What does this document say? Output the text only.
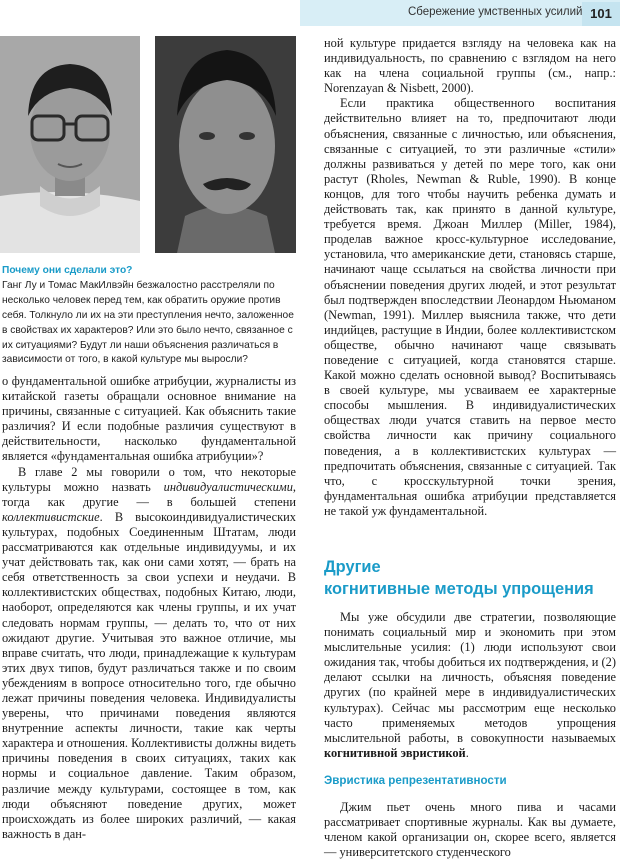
Сбережение умственных усилий 101
Почему они сделали это?
Ганг Лу и Томас МакИлвэйн безжалостно расстреляли по несколько человек перед тем, как обратить оружие против себя. Толкнуло ли их на эти преступления нечто, заложенное в свойствах их характеров? Или это было нечто, связанное с их ситуациями? Будут ли наши объяснения различаться в зависимости от того, в какой культуре мы выросли?

о фундаментальной ошибке атрибуции, журналисты из китайской газеты обращали основное внимание на причины, связанные с ситуацией. Как объяснить такие различия? И если подобные различия существуют в действительности, насколько фундаментальной является «фундаментальная ошибка атрибуции»?

В главе 2 мы говорили о том, что некоторые культуры можно назвать индивидуалистическими, тогда как другие — в большей степени коллективистские. В высокоиндивидуалистических культурах, подобных Соединенным Штатам, люди рассматриваются как отдельные индивидуумы, и их учат действовать так, как они сами хотят, — брать на себя ответственность за свои успехи и неудачи. В коллективистских обществах, подобных Китаю, люди, наоборот, определяются как члены группы, и их учат следовать нормам группы, — делать то, что от них ожидают другие. Учитывая это важное отличие, мы вправе считать, что люди, принадлежащие к культурам этих двух типов, будут различаться также и по своим убеждениям в вопросе относительно того, где обычно лежат причины поведения человека. Индивидуалисты уверены, что причинами поведения являются внутренние аспекты личности, такие как черты характера и отношения. Коллективисты должны видеть причины поведения в своих ситуациях, таких как нормы и социальное давление. Таким образом, различие между культурами, состоящее в том, как люди объясняют поведение других, может происхождать из более широких различий, — какая важность в дан-

ной культуре придается взгляду на человека как на индивидуальность, по сравнению с взглядом на него как на члена социальной группы (см., напр.: Norenzayan & Nisbett, 2000).

Если практика общественного воспитания действительно влияет на то, предпочитают люди объяснения, связанные с личностью, или объяснения, связанные с ситуацией, то эти различные «стили» должны развиваться у детей по мере того, как они растут (Rholes, Newman & Ruble, 1990). В конце концов, для того чтобы научить ребенка думать и действовать так, как принято в данной культуре, требуется время. Джоан Миллер (Miller, 1984), проделав важное кросс-культурное исследование, установила, что американские дети, становясь старше, начинают чаще ссылаться на свойства личности при объяснении поведения других людей, и этот результат был подтвержден впоследствии Леонардом Ньюманом (Newman, 1991). Миллер выяснила также, что дети индийцев, растущие в Индии, более коллективистском обществе, обычно начинают чаще связывать поведение с ситуацией, когда становятся старше. Какой можно сделать основной вывод? Воспитываясь в своей культуре, мы усваиваем ее характерные способы мышления. В индивидуалистических обществах люди учатся ставить на первое место свойства личности как причину социального поведения, а в коллективистских культурах — предпочитать объяснения, связанные с ситуацией. Так что, с кросскультурной точки зрения, фундаментальная ошибка атрибуции представляется не такой уж фундаментальной.

Другие
когнитивные методы упрощения

Мы уже обсудили две стратегии, позволяющие понимать социальный мир и экономить при этом мыслительные усилия: (1) люди используют свои ожидания так, чтобы добиться их подтверждения, и (2) делают ссылки на личность, объясняя поведение других (по крайней мере в индивидуалистических культурах). Сейчас мы рассмотрим еще несколько часто применяемых методов упрощения мыслительной работы, в совокупности называемых когнитивной эвристикой.

Эвристика репрезентативности

Джим пьет очень много пива и часами рассматривает спортивные журналы. Как вы думаете, членом какой организации он, скорее всего, является — университетского студенческого
